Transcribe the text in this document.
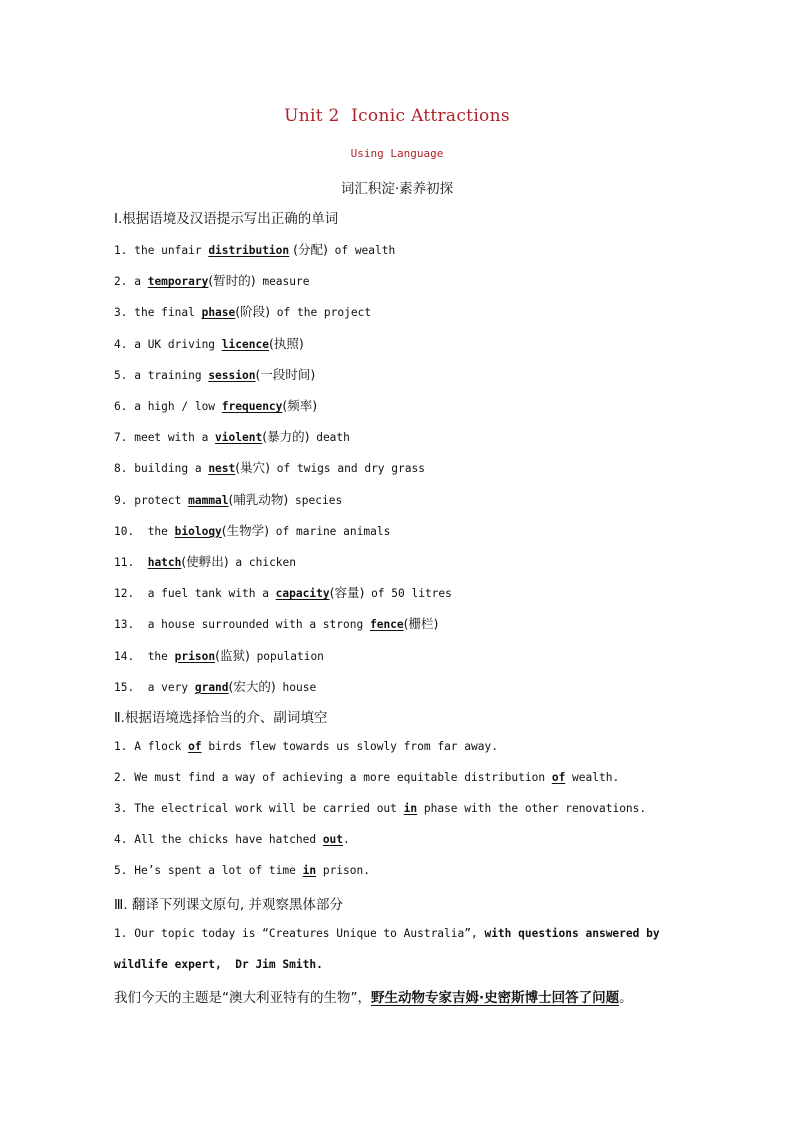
Unit 2  Iconic Attractions
Using Language
词汇积淀·素养初探
Ⅰ.根据语境及汉语提示写出正确的单词
1. the unfair distribution (分配) of wealth
2. a temporary(暂时的) measure
3. the final phase(阶段) of the project
4. a UK driving licence(执照)
5. a training session(一段时间)
6. a high / low frequency(频率)
7. meet with a violent(暴力的) death
8. building a nest(巢穴) of twigs and dry grass
9. protect mammal(哺乳动物) species
10.  the biology(生物学) of marine animals
11. hatch(使孵出) a chicken
12.  a fuel tank with a capacity(容量) of 50 litres
13.  a house surrounded with a strong fence(栅栏)
14.  the prison(监狱) population
15.  a very grand(宏大的) house
Ⅱ.根据语境选择恰当的介、副词填空
1. A flock of birds flew towards us slowly from far away.
2. We must find a way of achieving a more equitable distribution of wealth.
3. The electrical work will be carried out in phase with the other renovations.
4. All the chicks have hatched out.
5. He’s spent a lot of time in prison.
Ⅲ. 翻译下列课文原句, 并观察黑体部分
1. Our topic today is “Creatures Unique to Australia”, with questions answered by
wildlife expert,  Dr Jim Smith.
我们今天的主题是“澳大利亚特有的生物”，野生动物专家吉姆·史密斯博士回答了问题。
